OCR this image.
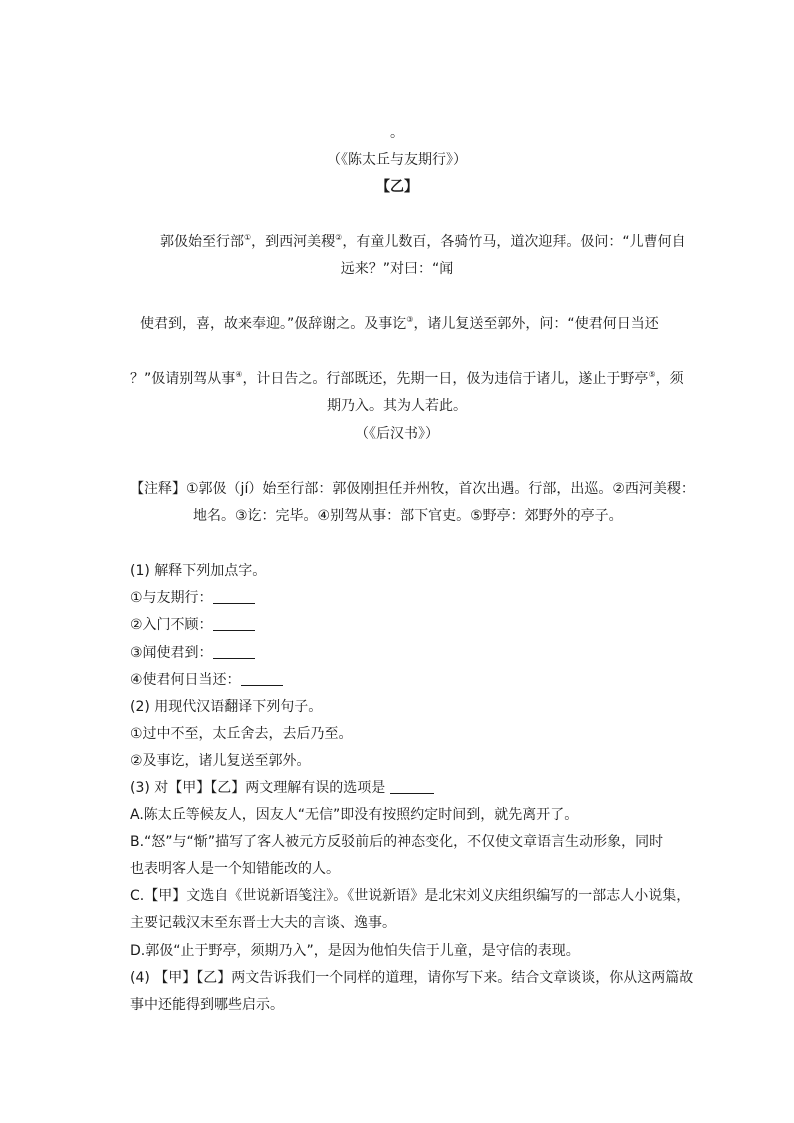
。
（《陈太丘与友期行》）
【乙】
郭伋始至行部①，到西河美稷②，有童儿数百，各骑竹马，道次迎拜。伋问：“儿曹何自
远来？”对曰：“闻
使君到，喜，故来奉迎。”伋辞谢之。及事讫③，诸儿复送至郭外，问：“使君何日当还
？”伋请别驾从事④，计日告之。行部既还，先期一日，伋为违信于诸儿，遂止于野亭⑤，须
期乃入。其为人若此。
（《后汉书》）
【注释】①郭伋（jí）始至行部：郭伋刚担任并州牧，首次出遇。行部，出巡。②西河美稷：
地名。③讫：完毕。④别驾从事：部下官吏。⑤野亭：郊野外的亭子。
(1) 解释下列加点字。
①与友期行：
②入门不顾：
③闻使君到：
④使君何日当还：
(2) 用现代汉语翻译下列句子。
①过中不至，太丘舍去，去后乃至。
②及事讫，诸儿复送至郭外。
(3) 对【甲】【乙】两文理解有误的选项是
A.陈太丘等候友人，因友人“无信”即没有按照约定时间到，就先离开了。
B.“怒”与“惭”描写了客人被元方反驳前后的神态变化，不仅使文章语言生动形象，同时
也表明客人是一个知错能改的人。
C.【甲】文选自《世说新语笺注》。《世说新语》是北宋刘义庆组织编写的一部志人小说集，
主要记载汉末至东晋士大夫的言谈、逸事。
D.郭伋“止于野亭，须期乃入”，是因为他怕失信于儿童，是守信的表现。
(4) 【甲】【乙】两文告诉我们一个同样的道理，请你写下来。结合文章谈谈，你从这两篇故
事中还能得到哪些启示。
